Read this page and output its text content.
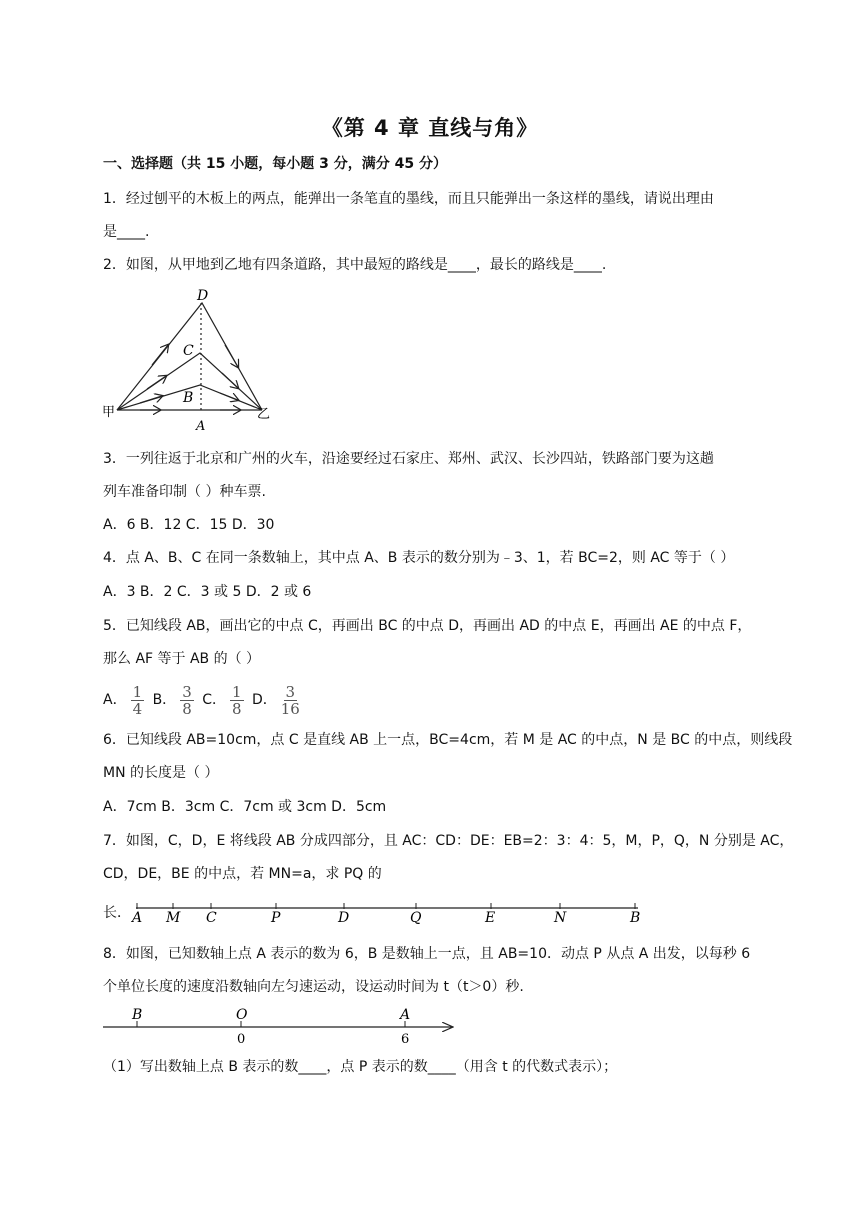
《第 4 章 直线与角》
一、选择题（共 15 小题，每小题 3 分，满分 45 分）
1．经过刨平的木板上的两点，能弹出一条笔直的墨线，而且只能弹出一条这样的墨线，请说出理由
是____.
2．如图，从甲地到乙地有四条道路，其中最短的路线是____，最长的路线是____.
D
C
B
A
甲	乙
3．一列往返于北京和广州的火车，沿途要经过石家庄、郑州、武汉、长沙四站，铁路部门要为这趟
列车准备印制（ ）种车票.
A．6 B．12 C．15 D．30
4．点 A、B、C 在同一条数轴上，其中点 A、B 表示的数分别为﹣3、1，若 BC=2，则 AC 等于（ ）
A．3 B．2 C．3 或 5 D．2 或 6
5．已知线段 AB，画出它的中点 C，再画出 BC 的中点 D，再画出 AD 的中点 E，再画出 AE 的中点 F，
那么 AF 等于 AB 的（ ）
A． $\frac{1}{4}$ B． $\frac{3}{8}$ C． $\frac{1}{8}$ D． $\frac{3}{16}$
6．已知线段 AB=10cm，点 C 是直线 AB 上一点，BC=4cm，若 M 是 AC 的中点，N 是 BC 的中点，则线段
MN 的长度是（ ）
A．7cm B．3cm C．7cm 或 3cm D．5cm
7．如图，C，D，E 将线段 AB 分成四部分，且 AC：CD：DE：EB=2：3：4：5，M，P，Q，N 分别是 AC，
CD，DE，BE 的中点，若 MN=a，求 PQ 的
长． A M C	P	D	Q	E	N	B
8．如图，已知数轴上点 A 表示的数为 6，B 是数轴上一点，且 AB=10．动点 P 从点 A 出发，以每秒 6
个单位长度的速度沿数轴向左匀速运动，设运动时间为 t（t＞0）秒.
B	O	A
0	6
（1）写出数轴上点 B 表示的数____，点 P 表示的数____（用含 t 的代数式表示）；
